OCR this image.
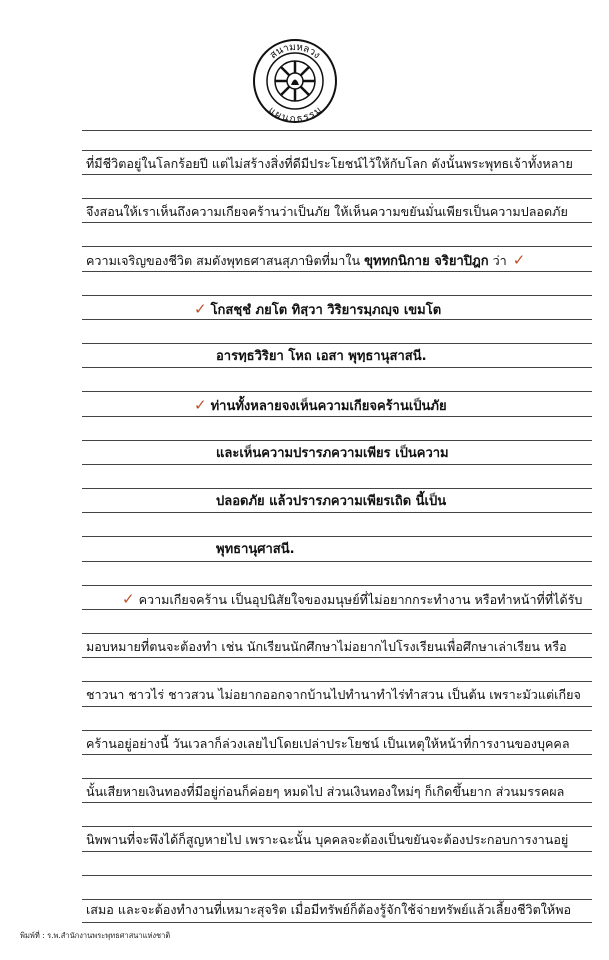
สนามหลวง
แผนกธรรม
ที่มีชีวิตอยู่ในโลกร้อยปี แต่ไม่สร้างสิ่งที่ดีมีประโยชน์ไว้ให้กับโลก ดังนั้นพระพุทธเจ้าทั้งหลาย
จึงสอนให้เราเห็นถึงความเกียจคร้านว่าเป็นภัย ให้เห็นความขยันมั่นเพียรเป็นความปลอดภัย
ความเจริญของชีวิต สมดังพุทธศาสนสุภาษิตที่มาใน ขุททกนิกาย จริยาปิฎก ว่า ✓
✓ โกสชฺชํ ภยโต ทิสฺวา วิริยารมฺภญฺจ เขมโต
อารทฺธวิริยา โหถ เอสา พุทฺธานุสาสนี.
✓ ท่านทั้งหลายจงเห็นความเกียจคร้านเป็นภัย
และเห็นความปรารภความเพียร เป็นความ
ปลอดภัย แล้วปรารภความเพียรเถิด นี้เป็น
พุทธานุศาสนี.
✓ ความเกียจคร้าน เป็นอุปนิสัยใจของมนุษย์ที่ไม่อยากกระทำงาน หรือทำหน้าที่ที่ได้รับ
มอบหมายที่ตนจะต้องทำ เช่น นักเรียนนักศึกษาไม่อยากไปโรงเรียนเพื่อศึกษาเล่าเรียน หรือ
ชาวนา ชาวไร่ ชาวสวน ไม่อยากออกจากบ้านไปทำนาทำไร่ทำสวน เป็นต้น เพราะมัวแต่เกียจ
คร้านอยู่อย่างนี้ วันเวลาก็ล่วงเลยไปโดยเปล่าประโยชน์ เป็นเหตุให้หน้าที่การงานของบุคคล
นั้นเสียหายเงินทองที่มีอยู่ก่อนก็ค่อยๆ หมดไป ส่วนเงินทองใหม่ๆ ก็เกิดขึ้นยาก ส่วนมรรคผล
นิพพานที่จะพึงได้ก็สูญหายไป เพราะฉะนั้น บุคคลจะต้องเป็นขยันจะต้องประกอบการงานอยู่
เสมอ และจะต้องทำงานที่เหมาะสุจริต เมื่อมีทรัพย์ก็ต้องรู้จักใช้จ่ายทรัพย์แล้วเลี้ยงชีวิตให้พอ
พิมพ์ที่ : ร.พ.สำนักงานพระพุทธศาสนาแห่งชาติ
